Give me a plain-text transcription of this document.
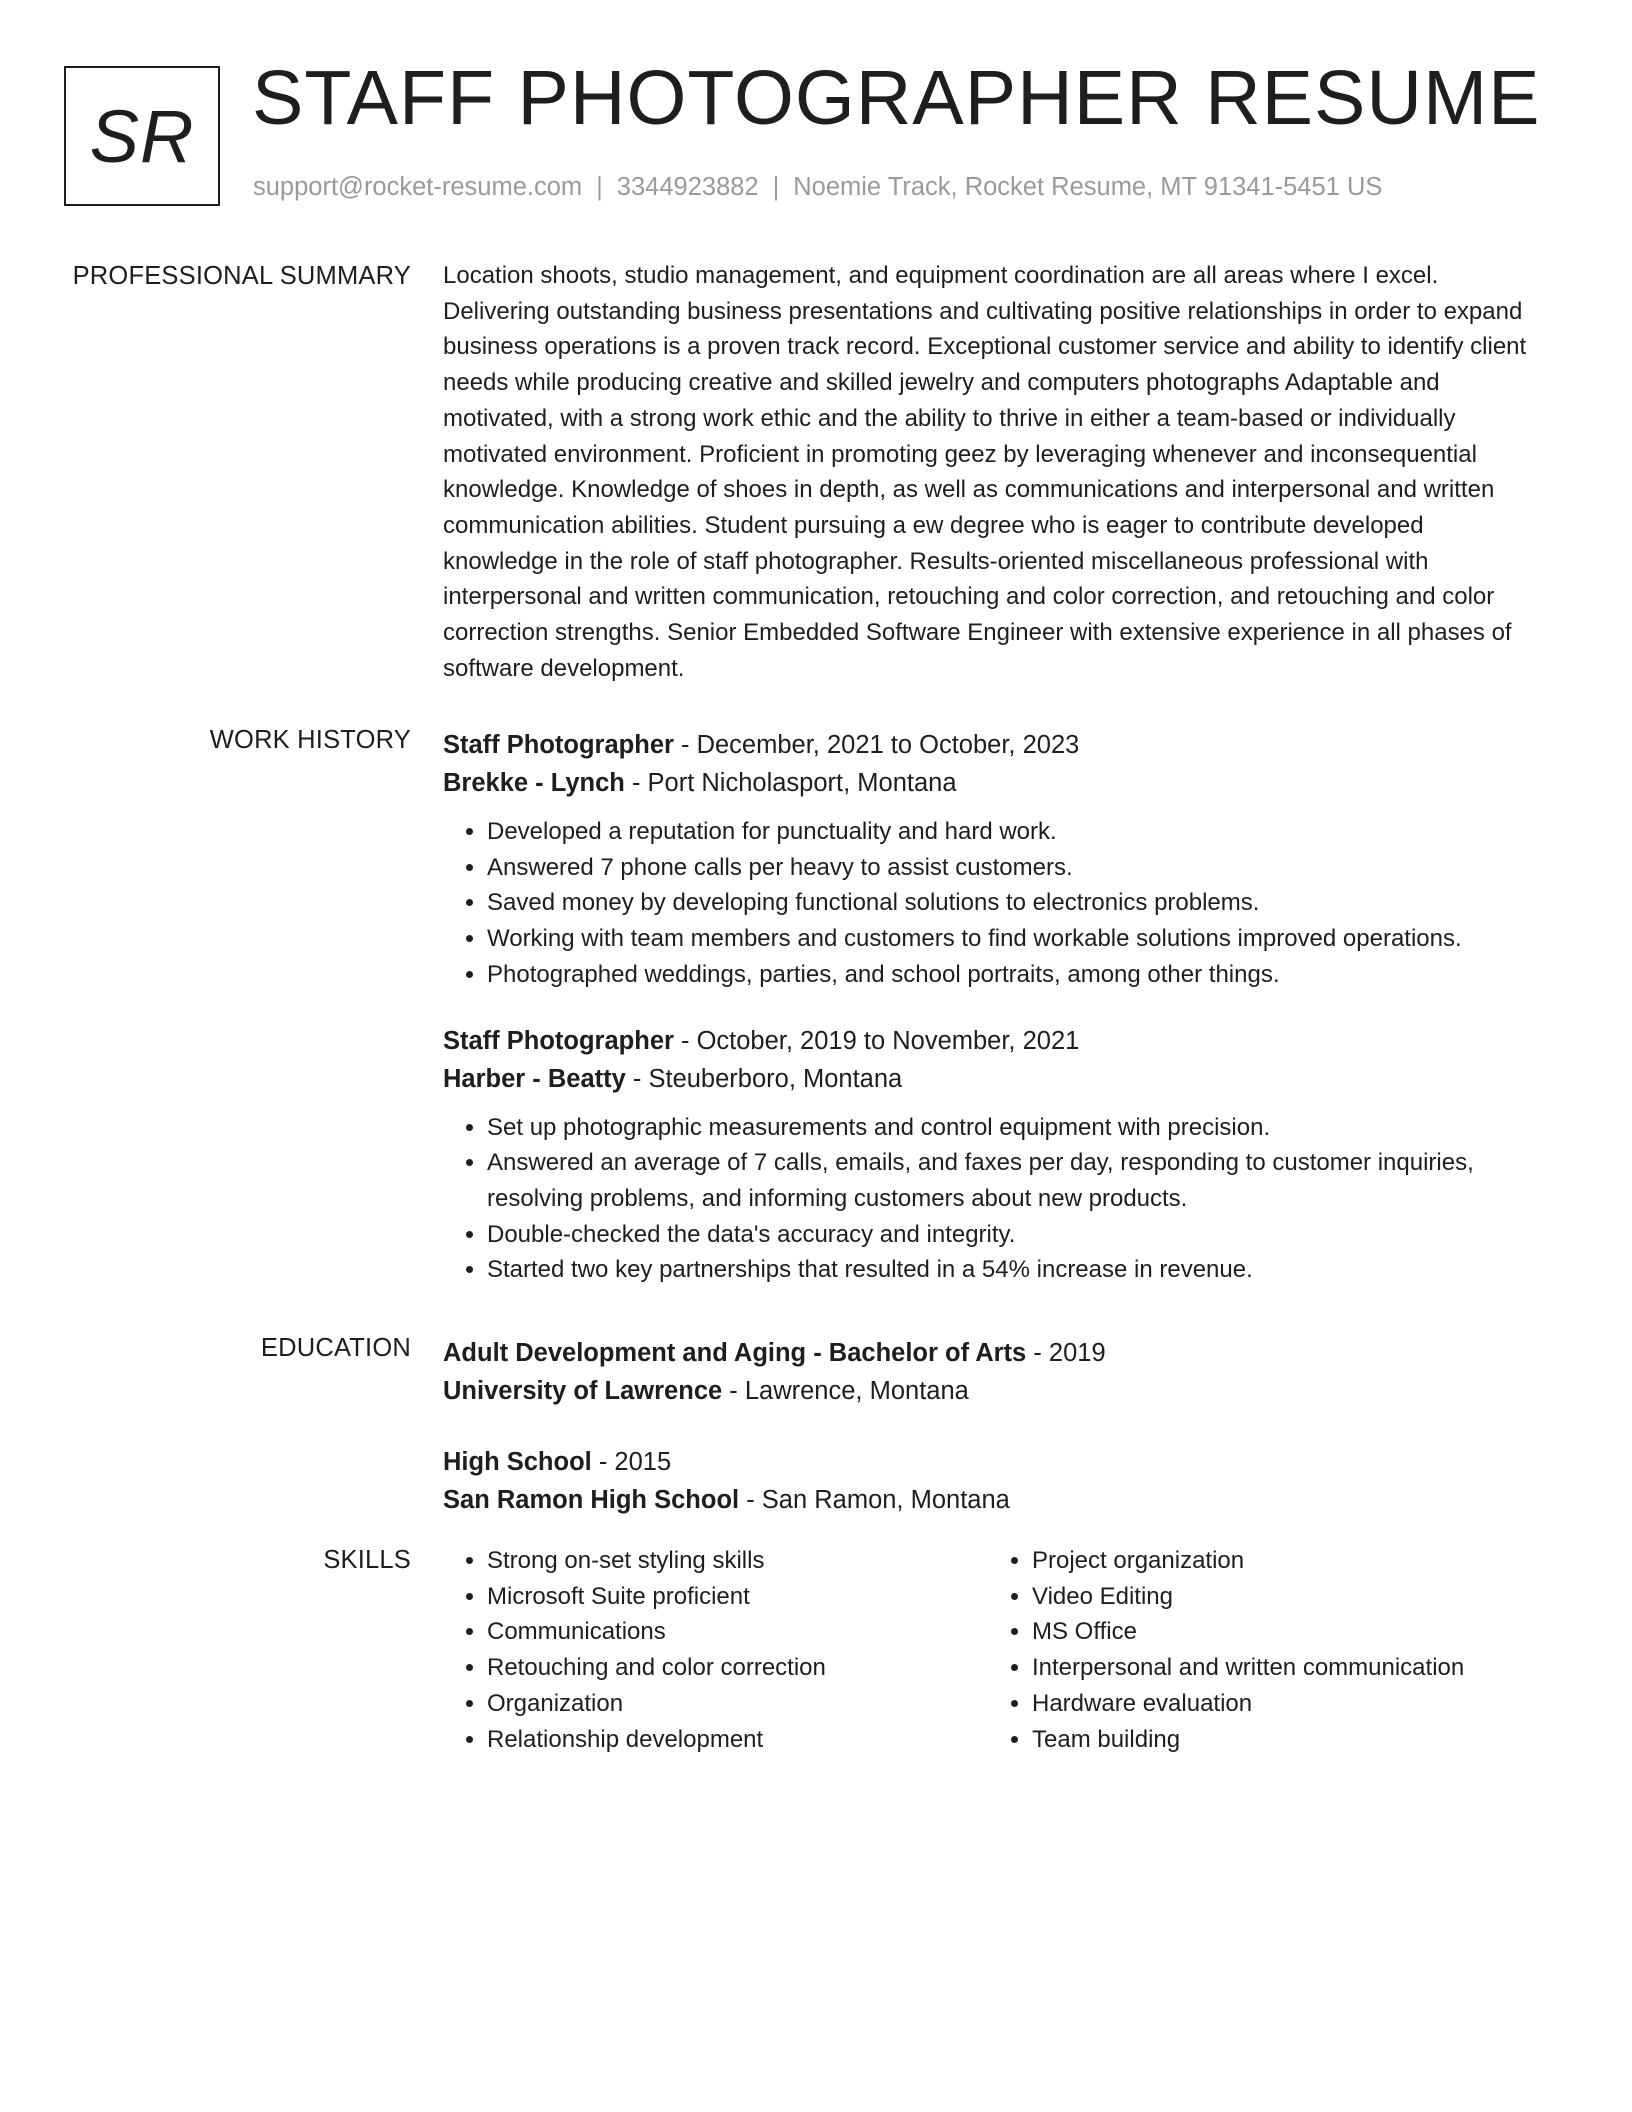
SR STAFF PHOTOGRAPHER RESUME
support@rocket-resume.com | 3344923882 | Noemie Track, Rocket Resume, MT 91341-5451 US
PROFESSIONAL SUMMARY Location shoots, studio management, and equipment coordination are all areas where I excel. Delivering outstanding business presentations and cultivating positive relationships in order to expand business operations is a proven track record. Exceptional customer service and ability to identify client needs while producing creative and skilled jewelry and computers photographs Adaptable and motivated, with a strong work ethic and the ability to thrive in either a team-based or individually motivated environment. Proficient in promoting geez by leveraging whenever and inconsequential knowledge. Knowledge of shoes in depth, as well as communications and interpersonal and written communication abilities. Student pursuing a ew degree who is eager to contribute developed knowledge in the role of staff photographer. Results-oriented miscellaneous professional with interpersonal and written communication, retouching and color correction, and retouching and color correction strengths. Senior Embedded Software Engineer with extensive experience in all phases of software development.

WORK HISTORY Staff Photographer - December, 2021 to October, 2023
Brekke - Lynch - Port Nicholasport, Montana
• Developed a reputation for punctuality and hard work.
• Answered 7 phone calls per heavy to assist customers.
• Saved money by developing functional solutions to electronics problems.
• Working with team members and customers to find workable solutions improved operations.
• Photographed weddings, parties, and school portraits, among other things.
Staff Photographer - October, 2019 to November, 2021
Harber - Beatty - Steuberboro, Montana
• Set up photographic measurements and control equipment with precision.
• Answered an average of 7 calls, emails, and faxes per day, responding to customer inquiries, resolving problems, and informing customers about new products.
• Double-checked the data's accuracy and integrity.
• Started two key partnerships that resulted in a 54% increase in revenue.
EDUCATION Adult Development and Aging - Bachelor of Arts - 2019
University of Lawrence - Lawrence, Montana
High School - 2015
San Ramon High School - San Ramon, Montana
SKILLS
•	Strong on-set styling skills
• Microsoft Suite proficient
• Communications
• Retouching and color correction
• Organization
• Relationship development
• Project organization
• Video Editing
• MS Office
• Interpersonal and written communication
• Hardware evaluation
• Team building
